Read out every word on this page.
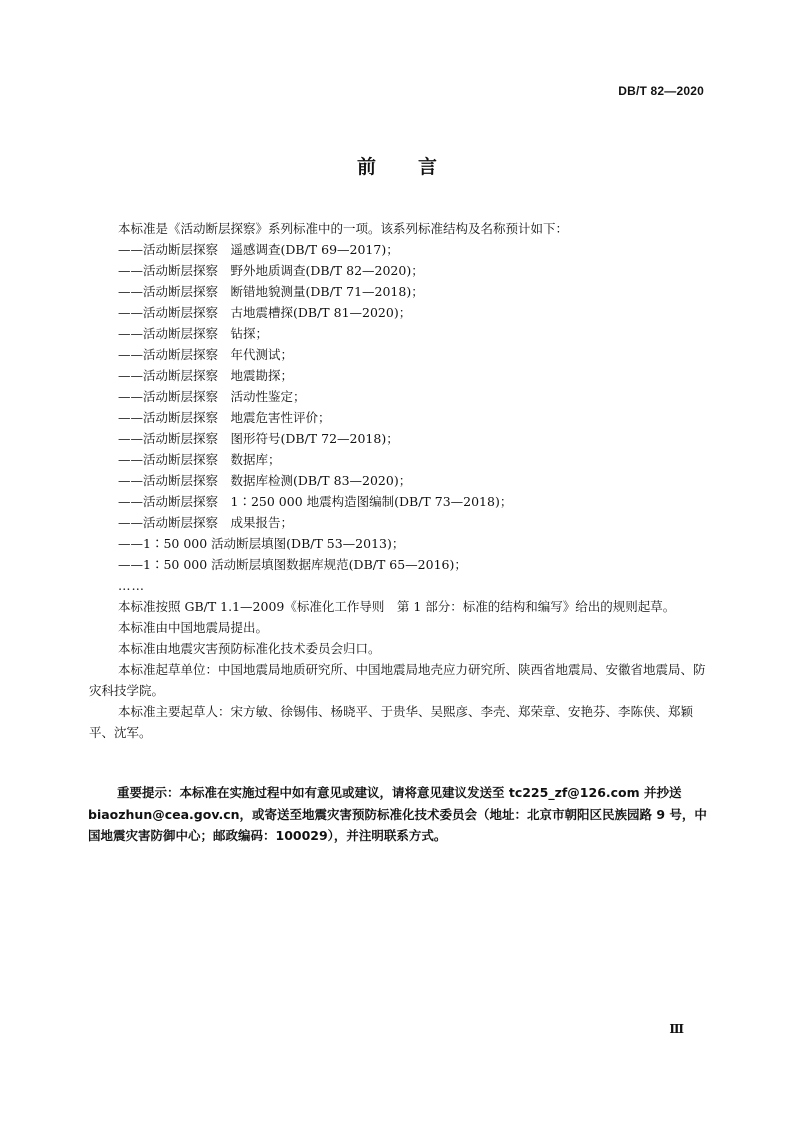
DB/T 82—2020
前 言
本标准是《活动断层探察》系列标准中的一项。该系列标准结构及名称预计如下：
——活动断层探察　 遥感调查(DB/T 69—2017)；
——活动断层探察　 野外地质调查(DB/T 82—2020)；
——活动断层探察　 断错地貌测量(DB/T 71—2018)；
——活动断层探察　 古地震槽探(DB/T 81—2020)；
——活动断层探察　 钻探；
——活动断层探察　 年代测试；
——活动断层探察　 地震勘探；
——活动断层探察　 活动性鉴定；
——活动断层探察　 地震危害性评价；
——活动断层探察　 图形符号(DB/T 72—2018)；
——活动断层探察　 数据库；
——活动断层探察　 数据库检测(DB/T 83—2020)；
——活动断层探察　 1∶250 000 地震构造图编制(DB/T 73—2018)；
——活动断层探察　 成果报告；
——1∶50 000 活动断层填图(DB/T 53—2013)；
——1∶50 000 活动断层填图数据库规范(DB/T 65—2016)；
……
本标准按照 GB/T 1.1—2009《标准化工作导则　第 1 部分：标准的结构和编写》给出的规则起草。
本标准由中国地震局提出。
本标准由地震灾害预防标准化技术委员会归口。
本标准起草单位：中国地震局地质研究所、中国地震局地壳应力研究所、陕西省地震局、安徽省地震局、防灾科技学院。
本标准主要起草人：宋方敏、徐锡伟、杨晓平、于贵华、吴熙彦、李壳、郑荣章、安艳芬、李陈侠、郑颖平、沈军。
重要提示：本标准在实施过程中如有意见或建议，请将意见建议发送至 tc225_zf@126.com 并抄送 biaozhun@cea.gov.cn，或寄送至地震灾害预防标准化技术委员会（地址：北京市朝阳区民族园路 9 号，中国地震灾害防御中心；邮政编码：100029），并注明联系方式。
Ⅲ
